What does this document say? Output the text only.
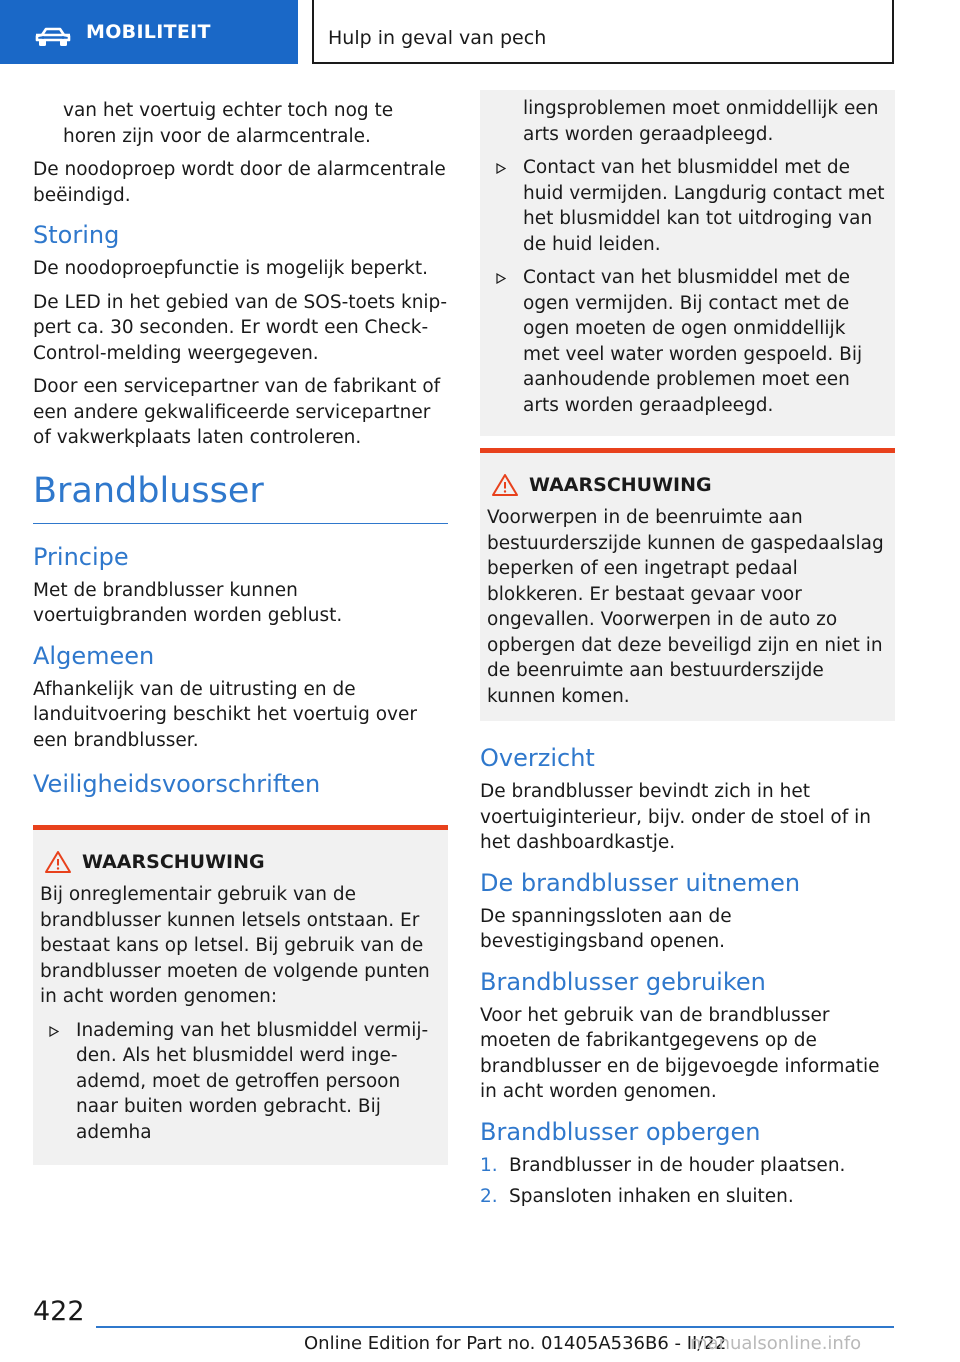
MOBILITEIT	Hulp in geval van pech

van het voertuig echter toch nog te horen zijn voor de alarmcentrale.

De noodoproep wordt door de alarmcentrale beëindigd.

Storing

De noodoproepfunctie is mogelijk beperkt.

De LED in het gebied van de SOS-toets knippert ca. 30 seconden. Er wordt een Check-Control-melding weergegeven.

Door een servicepartner van de fabrikant of een andere gekwalificeerde servicepartner of vakwerkplaats laten controleren.

Brandblusser
Principe

Met de brandblusser kunnen voertuigbranden worden geblust.

Algemeen

Afhankelijk van de uitrusting en de landuitvoering beschikt het voertuig over een brandblusser.

Veiligheidsvoorschriften
WAARSCHUWING

Bij onreglementair gebruik van de brandblusser kunnen letsels ontstaan. Er bestaat kans op letsel. Bij gebruik van de brandblusser moeten de volgende punten in acht worden genomen:

Inademing van het blusmiddel vermijden. Als het blusmiddel werd ingeademd, moet de getroffen persoon naar buiten worden gebracht. Bij ademha

lingsproblemen moet onmiddellijk een arts worden geraadpleegd.

Contact van het blusmiddel met de huid vermijden. Langdurig contact met het blusmiddel kan tot uitdroging van de huid leiden.
Contact van het blusmiddel met de ogen vermijden. Bij contact met de ogen moeten de ogen onmiddellijk met veel water worden gespoeld. Bij aanhoudende problemen moet een arts worden geraadpleegd.
WAARSCHUWING

Voorwerpen in de beenruimte aan bestuurderszijde kunnen de gaspedaalslag beperken of een ingetrapt pedaal blokkeren. Er bestaat gevaar voor ongevallen. Voorwerpen in de auto zo opbergen dat deze beveiligd zijn en niet in de beenruimte aan bestuurderszijde kunnen komen.

Overzicht

De brandblusser bevindt zich in het voertuiginterieur, bijv. onder de stoel of in het dashboardkastje.

De brandblusser uitnemen

De spanningssloten aan de bevestigingsband openen.

Brandblusser gebruiken

Voor het gebruik van de brandblusser moeten de fabrikantgegevens op de brandblusser en de bijgevoegde informatie in acht worden genomen.

Brandblusser opbergen
1. Brandblusser in de houder plaatsen.
2. Spansloten inhaken en sluiten.
422
Online Edition for Part no. 01405A536B6 - II/22
manualsonline.info
